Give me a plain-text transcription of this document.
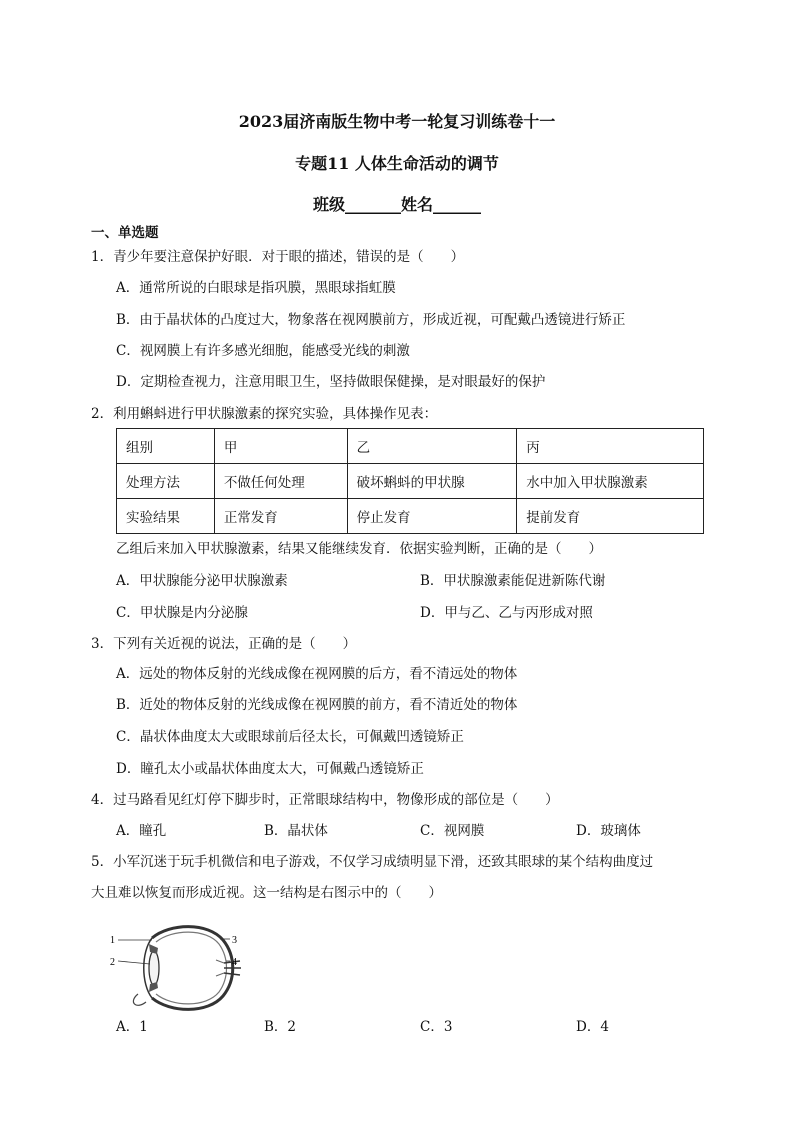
2023届济南版生物中考一轮复习训练卷十一
专题11 人体生命活动的调节
班级_______姓名______
一、单选题
1．青少年要注意保护好眼．对于眼的描述，错误的是（　　）
A．通常所说的白眼球是指巩膜，黑眼球指虹膜
B．由于晶状体的凸度过大，物象落在视网膜前方，形成近视，可配戴凸透镜进行矫正
C．视网膜上有许多感光细胞，能感受光线的刺激
D．定期检查视力，注意用眼卫生，坚持做眼保健操，是对眼最好的保护
2．利用蝌蚪进行甲状腺激素的探究实验，具体操作见表：
组别	甲	乙	丙
处理方法	不做任何处理	破坏蝌蚪的甲状腺	水中加入甲状腺激素
实验结果	正常发育	停止发育	提前发育
乙组后来加入甲状腺激素，结果又能继续发育．依据实验判断，正确的是（　　）
A．甲状腺能分泌甲状腺激素	B．甲状腺激素能促进新陈代谢
C．甲状腺是内分泌腺	D．甲与乙、乙与丙形成对照
3．下列有关近视的说法，正确的是（　　）
A．远处的物体反射的光线成像在视网膜的后方，看不清远处的物体
B．近处的物体反射的光线成像在视网膜的前方，看不清近处的物体
C．晶状体曲度太大或眼球前后径太长，可佩戴凹透镜矫正
D．瞳孔太小或晶状体曲度太大，可佩戴凸透镜矫正
4．过马路看见红灯停下脚步时，正常眼球结构中，物像形成的部位是（　　）
A．瞳孔	B．晶状体	C．视网膜	D．玻璃体
5．小军沉迷于玩手机微信和电子游戏，不仅学习成绩明显下滑，还致其眼球的某个结构曲度过
大且难以恢复而形成近视。这一结构是右图示中的（　　）
1
2
3
4
A．1	B．2	C．3	D．4
